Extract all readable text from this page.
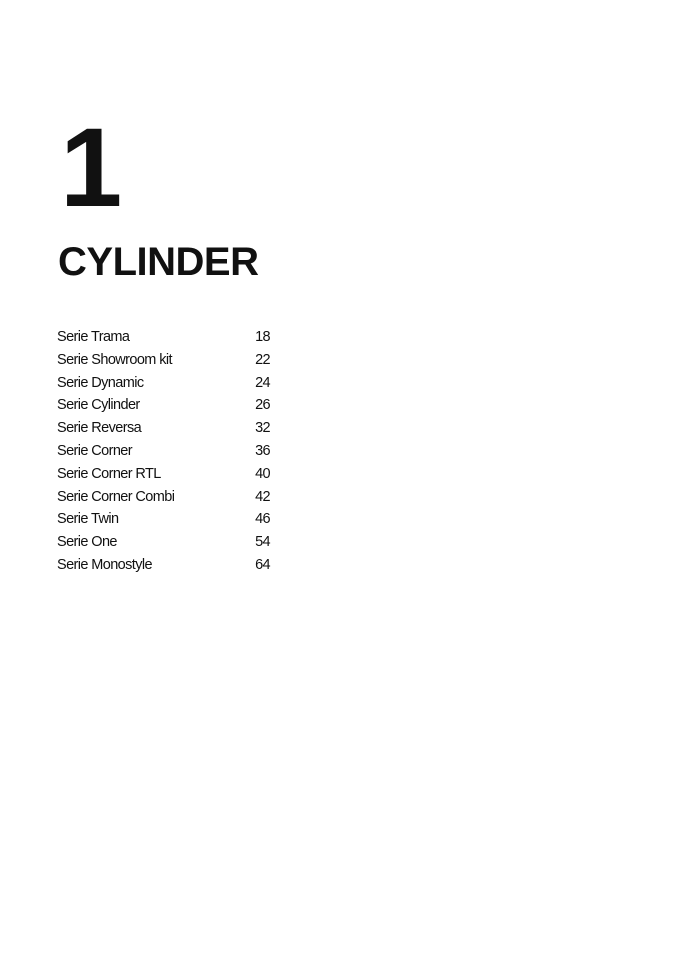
1
CYLINDER
Serie Trama	18
Serie Showroom kit	22
Serie Dynamic	24
Serie Cylinder	26
Serie Reversa	32
Serie Corner	36
Serie Corner RTL	40
Serie Corner Combi	42
Serie Twin	46
Serie One	54
Serie Monostyle	64
